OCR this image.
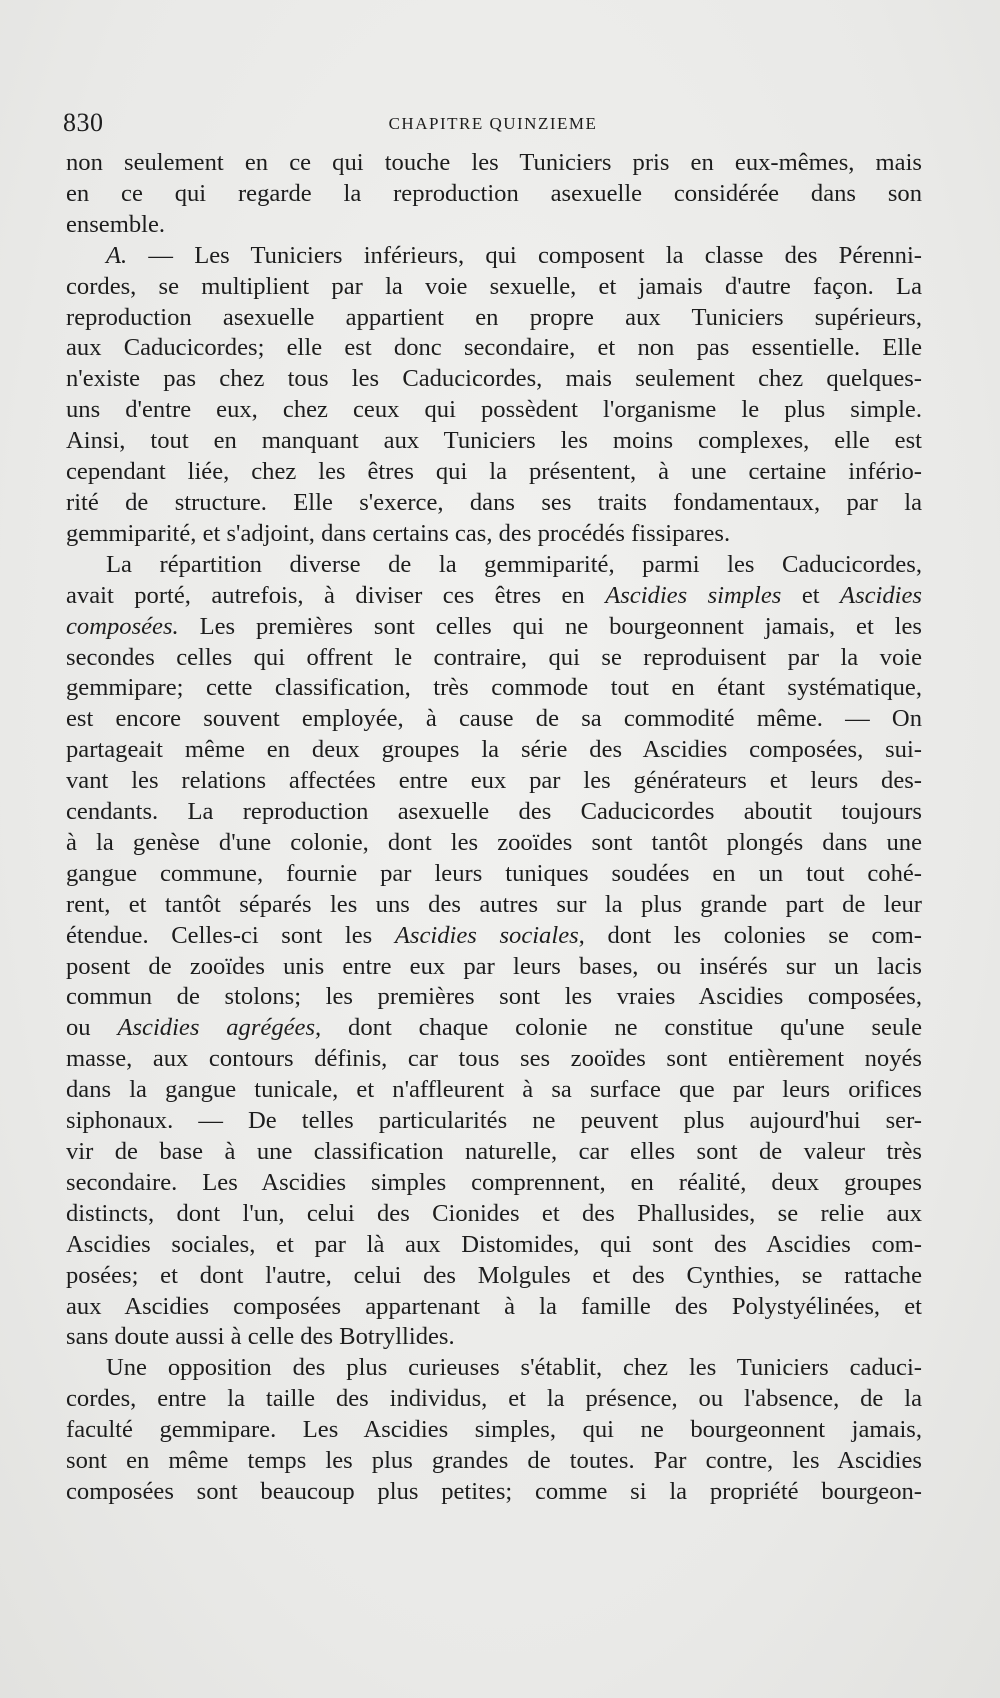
830	CHAPITRE QUINZIEME
non seulement en ce qui touche les Tuniciers pris en eux-mêmes, mais
en ce qui regarde la reproduction asexuelle considérée dans son
ensemble.
A. — Les Tuniciers inférieurs, qui composent la classe des Pérenni-
cordes, se multiplient par la voie sexuelle, et jamais d'autre façon. La
reproduction asexuelle appartient en propre aux Tuniciers supérieurs,
aux Caducicordes; elle est donc secondaire, et non pas essentielle. Elle
n'existe pas chez tous les Caducicordes, mais seulement chez quelques-
uns d'entre eux, chez ceux qui possèdent l'organisme le plus simple.
Ainsi, tout en manquant aux Tuniciers les moins complexes, elle est
cependant liée, chez les êtres qui la présentent, à une certaine infério-
rité de structure. Elle s'exerce, dans ses traits fondamentaux, par la
gemmiparité, et s'adjoint, dans certains cas, des procédés fissipares.
La répartition diverse de la gemmiparité, parmi les Caducicordes,
avait porté, autrefois, à diviser ces êtres en Ascidies simples et Ascidies
composées. Les premières sont celles qui ne bourgeonnent jamais, et les
secondes celles qui offrent le contraire, qui se reproduisent par la voie
gemmipare; cette classification, très commode tout en étant systématique,
est encore souvent employée, à cause de sa commodité même. — On
partageait même en deux groupes la série des Ascidies composées, sui-
vant les relations affectées entre eux par les générateurs et leurs des-
cendants. La reproduction asexuelle des Caducicordes aboutit toujours
à la genèse d'une colonie, dont les zooïdes sont tantôt plongés dans une
gangue commune, fournie par leurs tuniques soudées en un tout cohé-
rent, et tantôt séparés les uns des autres sur la plus grande part de leur
étendue. Celles-ci sont les Ascidies sociales, dont les colonies se com-
posent de zooïdes unis entre eux par leurs bases, ou insérés sur un lacis
commun de stolons; les premières sont les vraies Ascidies composées,
ou Ascidies agrégées, dont chaque colonie ne constitue qu'une seule
masse, aux contours définis, car tous ses zooïdes sont entièrement noyés
dans la gangue tunicale, et n'affleurent à sa surface que par leurs orifices
siphonaux. — De telles particularités ne peuvent plus aujourd'hui ser-
vir de base à une classification naturelle, car elles sont de valeur très
secondaire. Les Ascidies simples comprennent, en réalité, deux groupes
distincts, dont l'un, celui des Cionides et des Phallusides, se relie aux
Ascidies sociales, et par là aux Distomides, qui sont des Ascidies com-
posées; et dont l'autre, celui des Molgules et des Cynthies, se rattache
aux Ascidies composées appartenant à la famille des Polystyélinées, et
sans doute aussi à celle des Botryllides.
Une opposition des plus curieuses s'établit, chez les Tuniciers caduci-
cordes, entre la taille des individus, et la présence, ou l'absence, de la
faculté gemmipare. Les Ascidies simples, qui ne bourgeonnent jamais,
sont en même temps les plus grandes de toutes. Par contre, les Ascidies
composées sont beaucoup plus petites; comme si la propriété bourgeon-
